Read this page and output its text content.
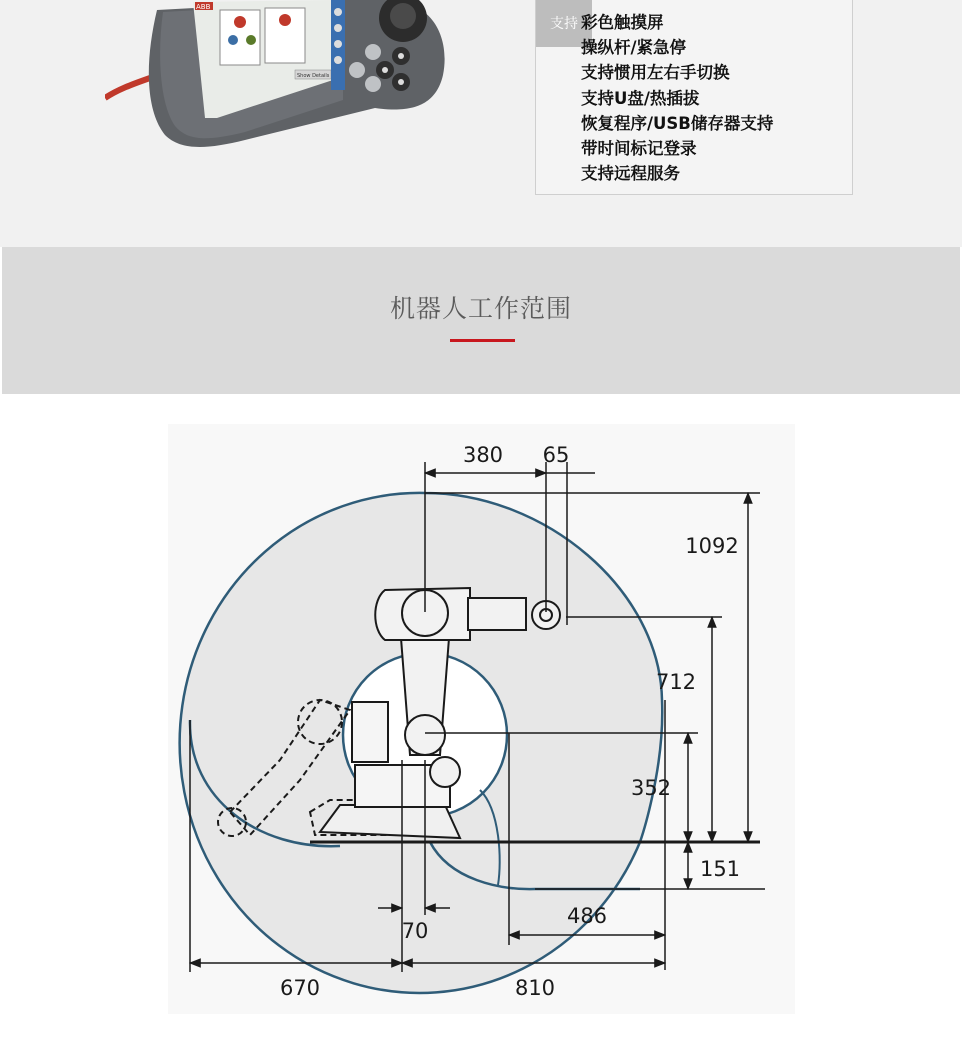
ABB
Show Details
支持 彩色触摸屏
操纵杆/紧急停
支持惯用左右手切换
支持U盘/热插拔
恢复程序/USB储存器支持
带时间标记登录
支持远程服务
机器人工作范围
380 65
1092
712
352
151
486
70
670	810
